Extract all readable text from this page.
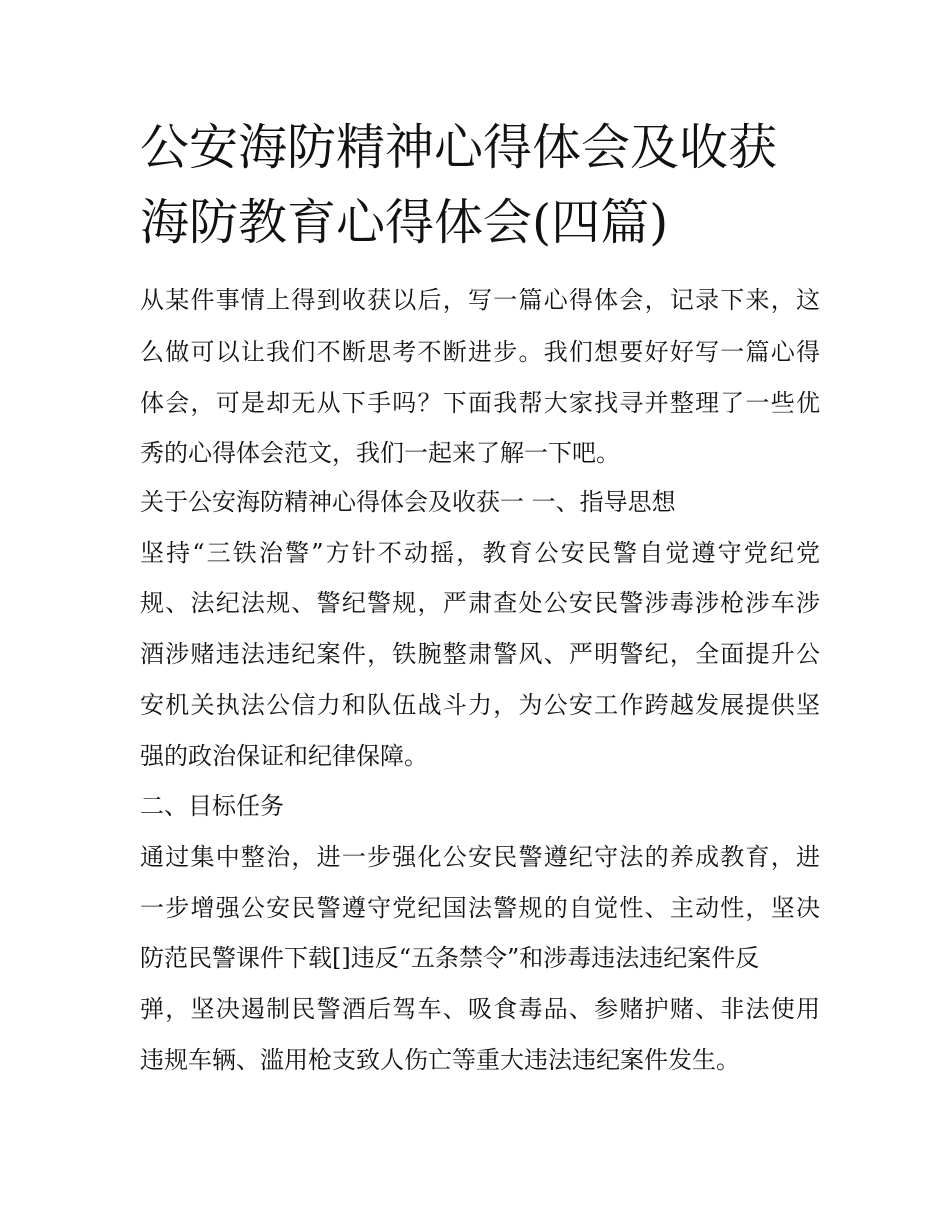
公安海防精神心得体会及收获
海防教育心得体会(四篇)
从某件事情上得到收获以后，写一篇心得体会，记录下来，这
么做可以让我们不断思考不断进步。我们想要好好写一篇心得
体会，可是却无从下手吗？下面我帮大家找寻并整理了一些优
秀的心得体会范文，我们一起来了解一下吧。
关于公安海防精神心得体会及收获一 一、指导思想
坚持“三铁治警”方针不动摇，教育公安民警自觉遵守党纪党
规、法纪法规、警纪警规，严肃查处公安民警涉毒涉枪涉车涉
酒涉赌违法违纪案件，铁腕整肃警风、严明警纪，全面提升公
安机关执法公信力和队伍战斗力，为公安工作跨越发展提供坚
强的政治保证和纪律保障。
二、目标任务
通过集中整治，进一步强化公安民警遵纪守法的养成教育，进
一步增强公安民警遵守党纪国法警规的自觉性、主动性，坚决
防范民警课件下载[]违反“五条禁令”和涉毒违法违纪案件反
弹，坚决遏制民警酒后驾车、吸食毒品、参赌护赌、非法使用
违规车辆、滥用枪支致人伤亡等重大违法违纪案件发生。
